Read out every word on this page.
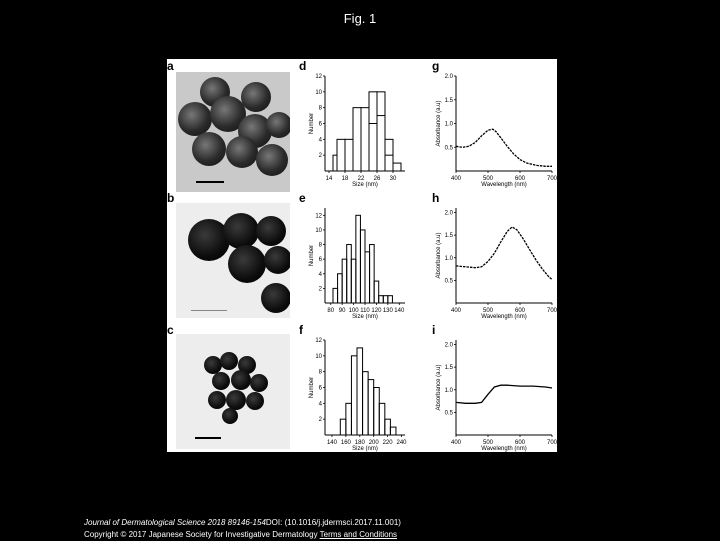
Fig. 1
a
b
c
d
e
f
g
h
i
14 18 22 26 30
2
4
6
8
10
12
Size (nm)
Number
80 90 100 110 120 130 140
2
4
6
8
10
12
Size (nm)
Number
140 160 180 200 220 240
2
4
6
8
10
12
Size (nm)
Number
400	500	600	700
0.5
1.0
1.5
2.0
Wavelength (nm)
Absorbance (a.u)
400	500	600	700
0.5
1.0
1.5
2.0
Wavelength (nm)
Absorbance (a.u)
400	500	600	700
0.5
1.0
1.5
2.0
Wavelength (nm)
Absorbance (a.u)
Journal of Dermatological Science 2018 89146-154DOI: (10.1016/j.jdermsci.2017.11.001)
Copyright © 2017 Japanese Society for Investigative Dermatology Terms and Conditions
